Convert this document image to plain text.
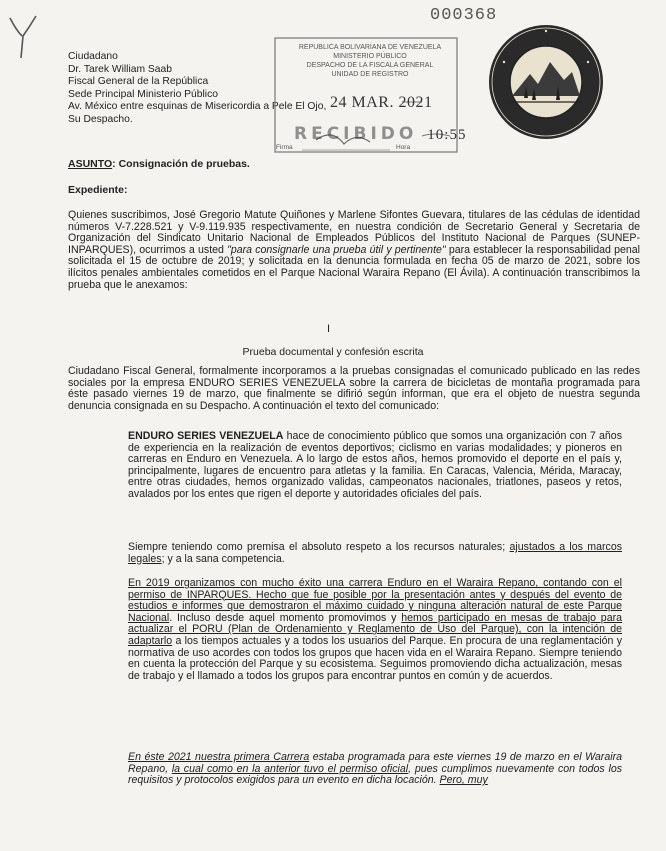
000368
Ciudadano
Dr. Tarek William Saab
Fiscal General de la República
Sede Principal Ministerio Público
Av. México entre esquinas de Misericordia a Pele El Ojo,
Su Despacho.
REPUBLICA BOLIVARIANA DE VENEZUELA
MINISTERIO PÚBLICO
DESPACHO DE LA FISCALA GENERAL
UNIDAD DE REGISTRO
24 MAR. 2021
RECIBIDO 10:55
Firma	Hora
ASUNTO: Consignación de pruebas.
Expediente:
Quienes suscribimos, José Gregorio Matute Quiñones y Marlene Sifontes Guevara, titulares de las cédulas de identidad números V-7.228.521 y V-9.119.935 respectivamente, en nuestra condición de Secretario General y Secretaria de Organización del Sindicato Unitario Nacional de Empleados Públicos del Instituto Nacional de Parques (SUNEP-INPARQUES), ocurrimos a usted "para consignarle una prueba útil y pertinente" para establecer la responsabilidad penal solicitada el 15 de octubre de 2019; y solicitada en la denuncia formulada en fecha 05 de marzo de 2021, sobre los ilícitos penales ambientales cometidos en el Parque Nacional Waraira Repano (El Ávila). A continuación transcribimos la prueba que le anexamos:
I
Prueba documental y confesión escrita
Ciudadano Fiscal General, formalmente incorporamos a la pruebas consignadas el comunicado publicado en las redes sociales por la empresa ENDURO SERIES VENEZUELA sobre la carrera de bicicletas de montaña programada para éste pasado viernes 19 de marzo, que finalmente se difirió según informan, que era el objeto de nuestra segunda denuncia consignada en su Despacho. A continuación el texto del comunicado:
ENDURO SERIES VENEZUELA hace de conocimiento público que somos una organización con 7 años de experiencia en la realización de eventos deportivos; ciclismo en varias modalidades; y pioneros en carreras en Enduro en Venezuela. A lo largo de estos años, hemos promovido el deporte en el país y, principalmente, lugares de encuentro para atletas y la familia. En Caracas, Valencia, Mérida, Maracay, entre otras ciudades, hemos organizado validas, campeonatos nacionales, triatlones, paseos y retos, avalados por los entes que rigen el deporte y autoridades oficiales del país.
Siempre teniendo como premisa el absoluto respeto a los recursos naturales; ajustados a los marcos legales; y a la sana competencia.
En 2019 organizamos con mucho éxito una carrera Enduro en el Waraira Repano, contando con el permiso de INPARQUES. Hecho que fue posible por la presentación antes y después del evento de estudios e informes que demostraron el máximo cuidado y ninguna alteración natural de este Parque Nacional. Incluso desde aquel momento promovimos y hemos participado en mesas de trabajo para actualizar el PORU (Plan de Ordenamiento y Reglamento de Uso del Parque), con la intención de adaptarlo a los tiempos actuales y a todos los usuarios del Parque. En procura de una reglamentación y normativa de uso acordes con todos los grupos que hacen vida en el Waraira Repano. Siempre teniendo en cuenta la protección del Parque y su ecosistema. Seguimos promoviendo dicha actualización, mesas de trabajo y el llamado a todos los grupos para encontrar puntos en común y de acuerdos.
En éste 2021 nuestra primera Carrera estaba programada para este viernes 19 de marzo en el Waraira Repano, la cual como en la anterior tuvo el permiso oficial, pues cumplimos nuevamente con todos los requisitos y protocolos exigidos para un evento en dicha locación. Pero, muy
